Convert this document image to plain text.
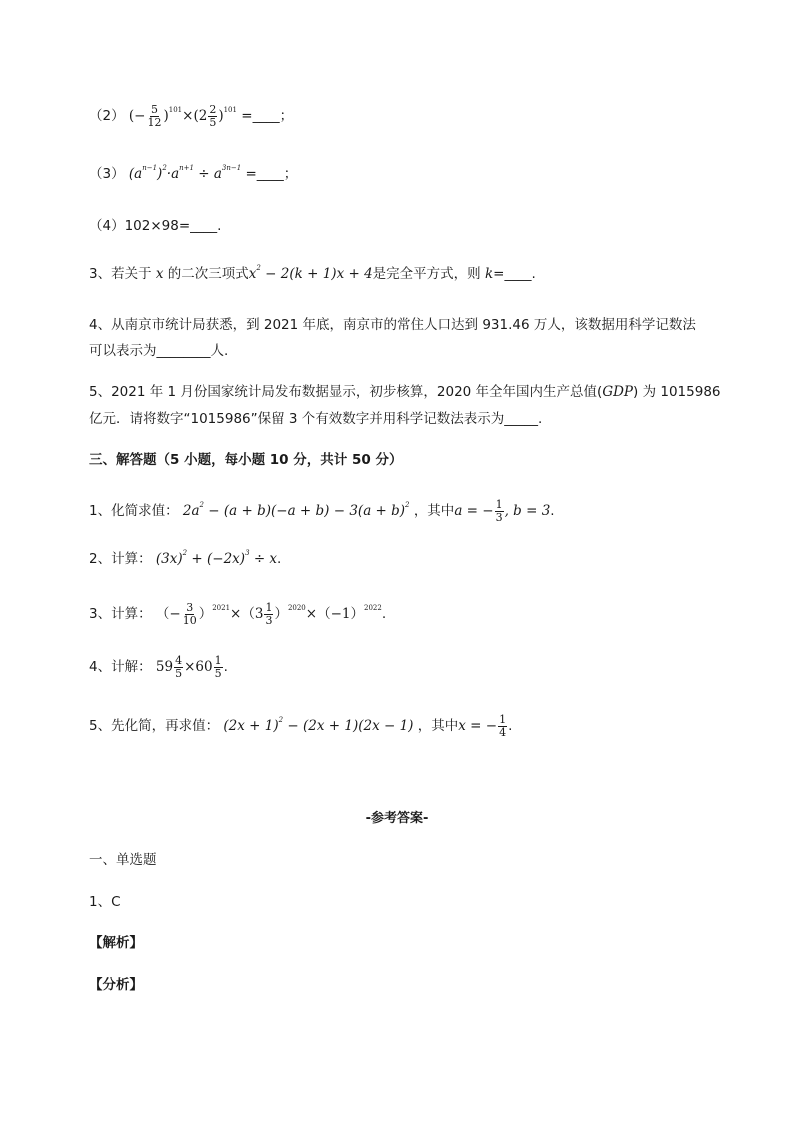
（2） (− $\frac{5}{12} )^{101}\times(2 \frac{2}{5} )^{101}$ =____；
（3） $(a^{n-1})^2\cdot a^{n+1} \div a^{3n-1}$ =____；
（4）102×98=____.
3、若关于 x 的二次三项式$x^2 - 2(k + 1)x + 4$是完全平方式，则 k=____.
4、从南京市统计局获悉，到 2021 年底，南京市的常住人口达到 931.46 万人，该数据用科学记数法
可以表示为________人.
5、2021 年 1 月份国家统计局发布数据显示，初步核算，2020 年全年国内生产总值(GDP) 为 1015986
亿元．请将数字“1015986”保留 3 个有效数字并用科学记数法表示为_____.
三、解答题（5 小题，每小题 10 分，共计 50 分）
1、化简求值： $2a^2 - (a + b)(-a + b) - 3(a + b)^2$ ，其中a = − $\frac{1}{3}$ , b = 3.
2、计算： $(3x)^2 + (-2x)^3 \div x$.
3、计算： （− $\frac{3}{10} )^{2021}\times(3 \frac{1}{3} )^{2020}\times(-1)^{2022}$.
4、计解： $59 \frac{4}{5} \times 60 \frac{1}{5}$ .
5、先化简，再求值： $(2x + 1)^2 - (2x + 1)(2x - 1)$ ，其中x = − $\frac{1}{4}$ .
-参考答案-
一、单选题
1、C
【解析】
【分析】
